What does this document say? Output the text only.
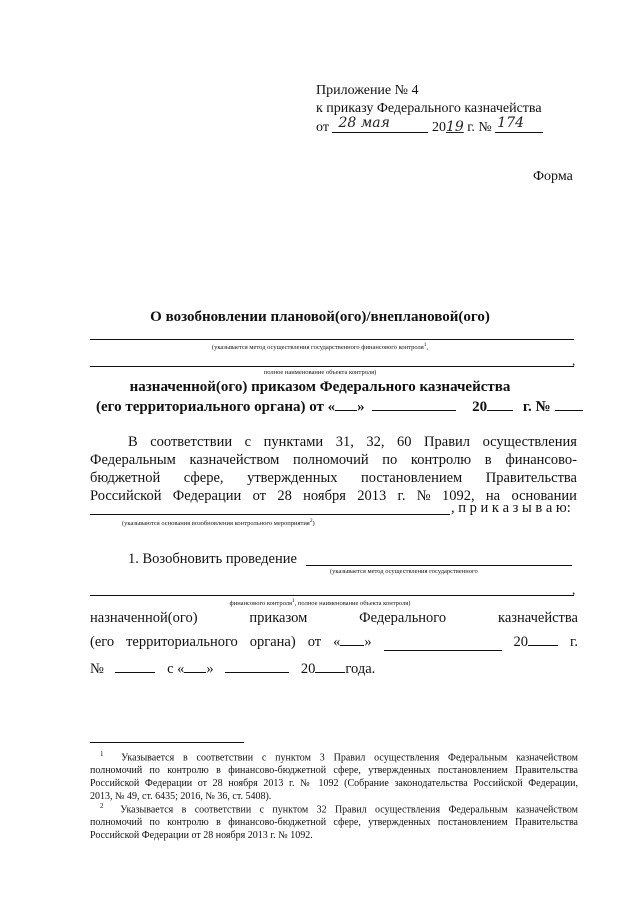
Приложение № 4
к приказу Федерального казначейства
от 28 мая	2019 г. № 174
Форма
О возобновлении плановой(ого)/внеплановой(ого)
(указывается метод осуществления государственного финансового контроля$^1$,
,
полное наименование объекта контроля)
назначенной(ого) приказом Федерального казначейства
(его территориального органа) от « »	20 г. №
В соответствии с пунктами 31, 32, 60 Правил осуществления
Федеральным казначейством полномочий по контролю в финансово-
бюджетной сфере, утвержденных постановлением Правительства
Российской Федерации от 28 ноября 2013 г. № 1092, на основании
, п р и к а з ы в а ю:
(указываются основания возобновления контрольного мероприятия$^2$)
1. Возобновить проведение
(указывается метод осуществления государственного
,
финансового контроля$^1$, полное наименование объекта контроля)
назначенной(ого)	приказом	Федерального	казначейства
(его территориального органа) от « »	20	г.
№	с « »	20 года.
$^1$ Указывается в соответствии с пунктом 3 Правил осуществления Федеральным казначейством
полномочий по контролю в финансово-бюджетной сфере, утвержденных постановлением Правительства
Российской Федерации от 28 ноября 2013 г. № 1092 (Собрание законодательства Российской Федерации,
2013, № 49, ст. 6435; 2016, № 36, ст. 5408).
$^2$ Указывается в соответствии с пунктом 32 Правил осуществления Федеральным казначейством
полномочий по контролю в финансово-бюджетной сфере, утвержденных постановлением Правительства
Российской Федерации от 28 ноября 2013 г. № 1092.
